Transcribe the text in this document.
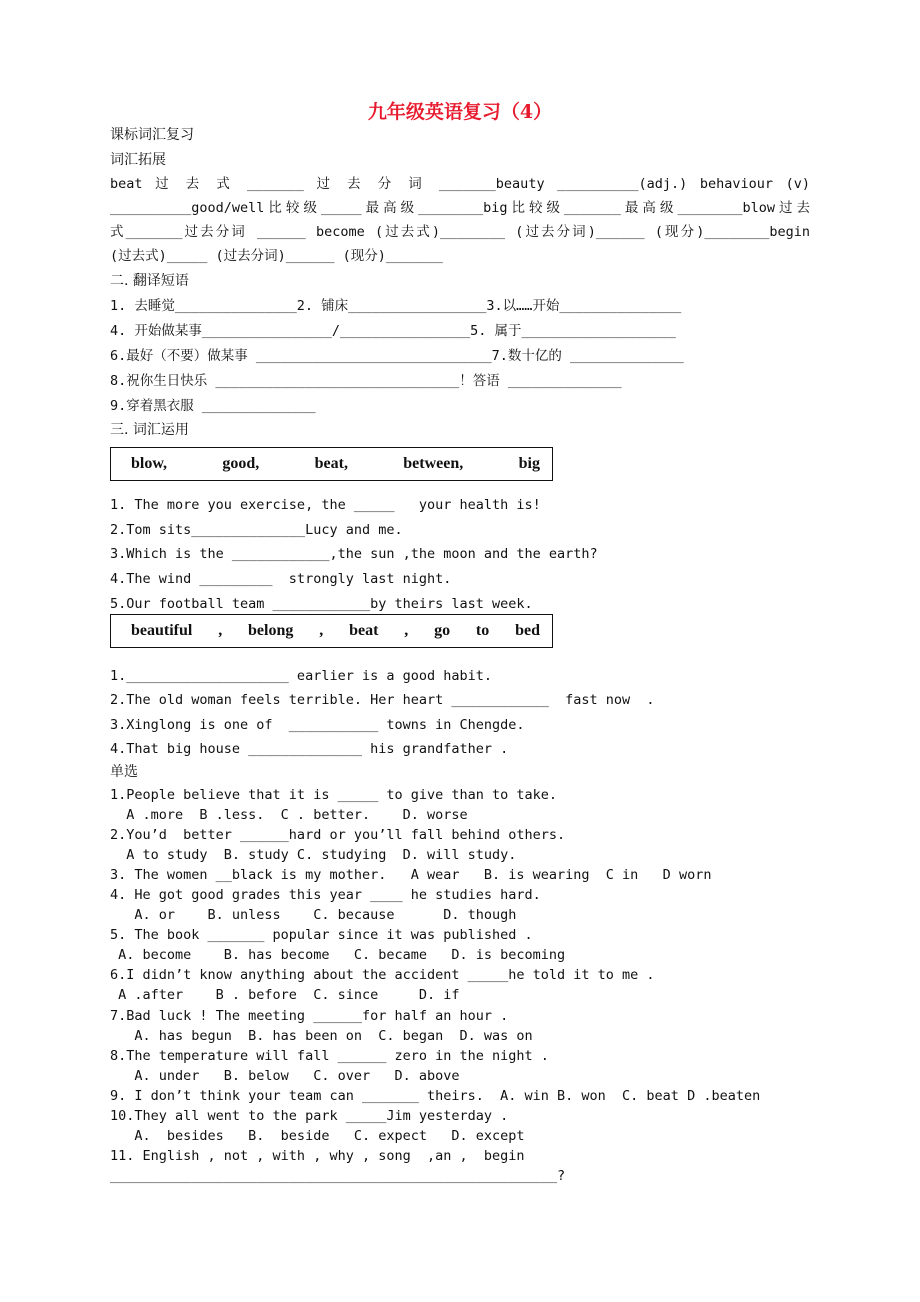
九年级英语复习（4）
课标词汇复习
词汇拓展
beat 过 去 式 _______ 过 去 分 词 _______beauty __________(adj.) behaviour (v)
__________good/well比较级_____最高级________big比较级_______最高级________blow过去
式_______过去分词 ______ become (过去式)________ (过去分词)______ (现分)________begin
(过去式)_____ (过去分词)______ (现分)_______
二. 翻译短语
1. 去睡觉_______________2. 铺床_________________3.以……开始_______________
4. 开始做某事________________/________________5. 属于___________________
6.最好（不要）做某事 _____________________________7.数十亿的 ______________
8.祝你生日快乐 ______________________________！答语 ______________
9.穿着黑衣服 ______________
三. 词汇运用
blow,	good,	beat,	between,	big
1. The more you exercise, the _____   your health is!
2.Tom sits______________Lucy and me.
3.Which is the ____________,the sun ,the moon and the earth?
4.The wind _________  strongly last night.
5.Our football team ____________by theirs last week.
beautiful , belong , beat , go to bed
1.____________________ earlier is a good habit.
2.The old woman feels terrible. Her heart ____________  fast now  .
3.Xinglong is one of  ___________ towns in Chengde.
4.That big house ______________ his grandfather .
单选
1.People believe that it is _____ to give than to take.
A .more  B .less.  C . better.    D. worse
2.You’d  better ______hard or you’ll fall behind others.
A to study  B. study C. studying  D. will study.
3. The women __black is my mother.   A wear   B. is wearing  C in   D worn
4. He got good grades this year ____ he studies hard.
A. or    B. unless    C. because      D. though
5. The book _______ popular since it was published .
A. become    B. has become   C. became   D. is becoming
6.I didn’t know anything about the accident _____he told it to me .
A .after    B . before  C. since     D. if
7.Bad luck ! The meeting ______for half an hour .
A. has begun  B. has been on  C. began  D. was on
8.The temperature will fall ______ zero in the night .
A. under   B. below   C. over   D. above
9. I don’t think your team can _______ theirs.  A. win B. won  C. beat D .beaten
10.They all went to the park _____Jim yesterday .
A.  besides   B.  beside   C. expect   D. except
11. English , not , with , why , song  ,an ,  begin
_______________________________________________________?
